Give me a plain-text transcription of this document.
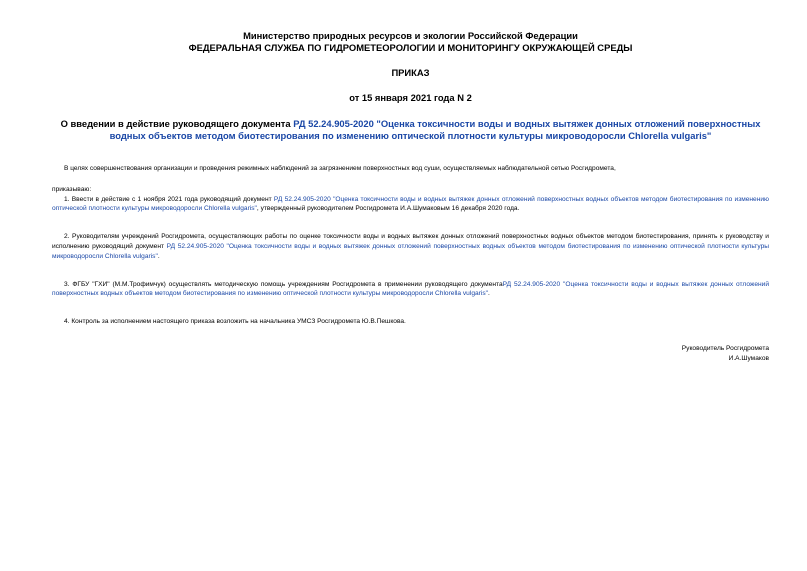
Министерство природных ресурсов и экологии Российской Федерации
ФЕДЕРАЛЬНАЯ СЛУЖБА ПО ГИДРОМЕТЕОРОЛОГИИ И МОНИТОРИНГУ ОКРУЖАЮЩЕЙ СРЕДЫ
ПРИКАЗ
от 15 января 2021 года N 2
О введении в действие руководящего документа РД 52.24.905-2020 "Оценка токсичности воды и водных вытяжек донных отложений поверхностных водных объектов методом биотестирования по изменению оптической плотности культуры микроводоросли Chlorella vulgaris"

В целях совершенствования организации и проведения режимных наблюдений за загрязнением поверхностных вод суши, осуществляемых наблюдательной сетью Росгидромета,

приказываю:

1. Ввести в действие с 1 ноября 2021 года руководящий документ РД 52.24.905-2020 "Оценка токсичности воды и водных вытяжек донных отложений поверхностных водных объектов методом биотестирования по изменению оптической плотности культуры микроводоросли Chlorella vulgaris", утвержденный руководителем Росгидромета И.А.Шумаковым 16 декабря 2020 года.

2. Руководителям учреждений Росгидромета, осуществляющих работы по оценке токсичности воды и водных вытяжек донных отложений поверхностных водных объектов методом биотестирования, принять к руководству и исполнению руководящий документ РД 52.24.905-2020 "Оценка токсичности воды и водных вытяжек донных отложений поверхностных водных объектов методом биотестирования по изменению оптической плотности культуры микроводоросли Chlorella vulgaris".

3. ФГБУ "ГХИ" (М.М.Трофимчук) осуществлять методическую помощь учреждениям Росгидромета в применении руководящего документаРД 52.24.905-2020 "Оценка токсичности воды и водных вытяжек донных отложений поверхностных водных объектов методом биотестирования по изменению оптической плотности культуры микроводоросли Chlorella vulgaris".

4. Контроль за исполнением настоящего приказа возложить на начальника УМСЗ Росгидромета Ю.В.Пешкова.

Руководитель Росгидромета
И.А.Шумаков
